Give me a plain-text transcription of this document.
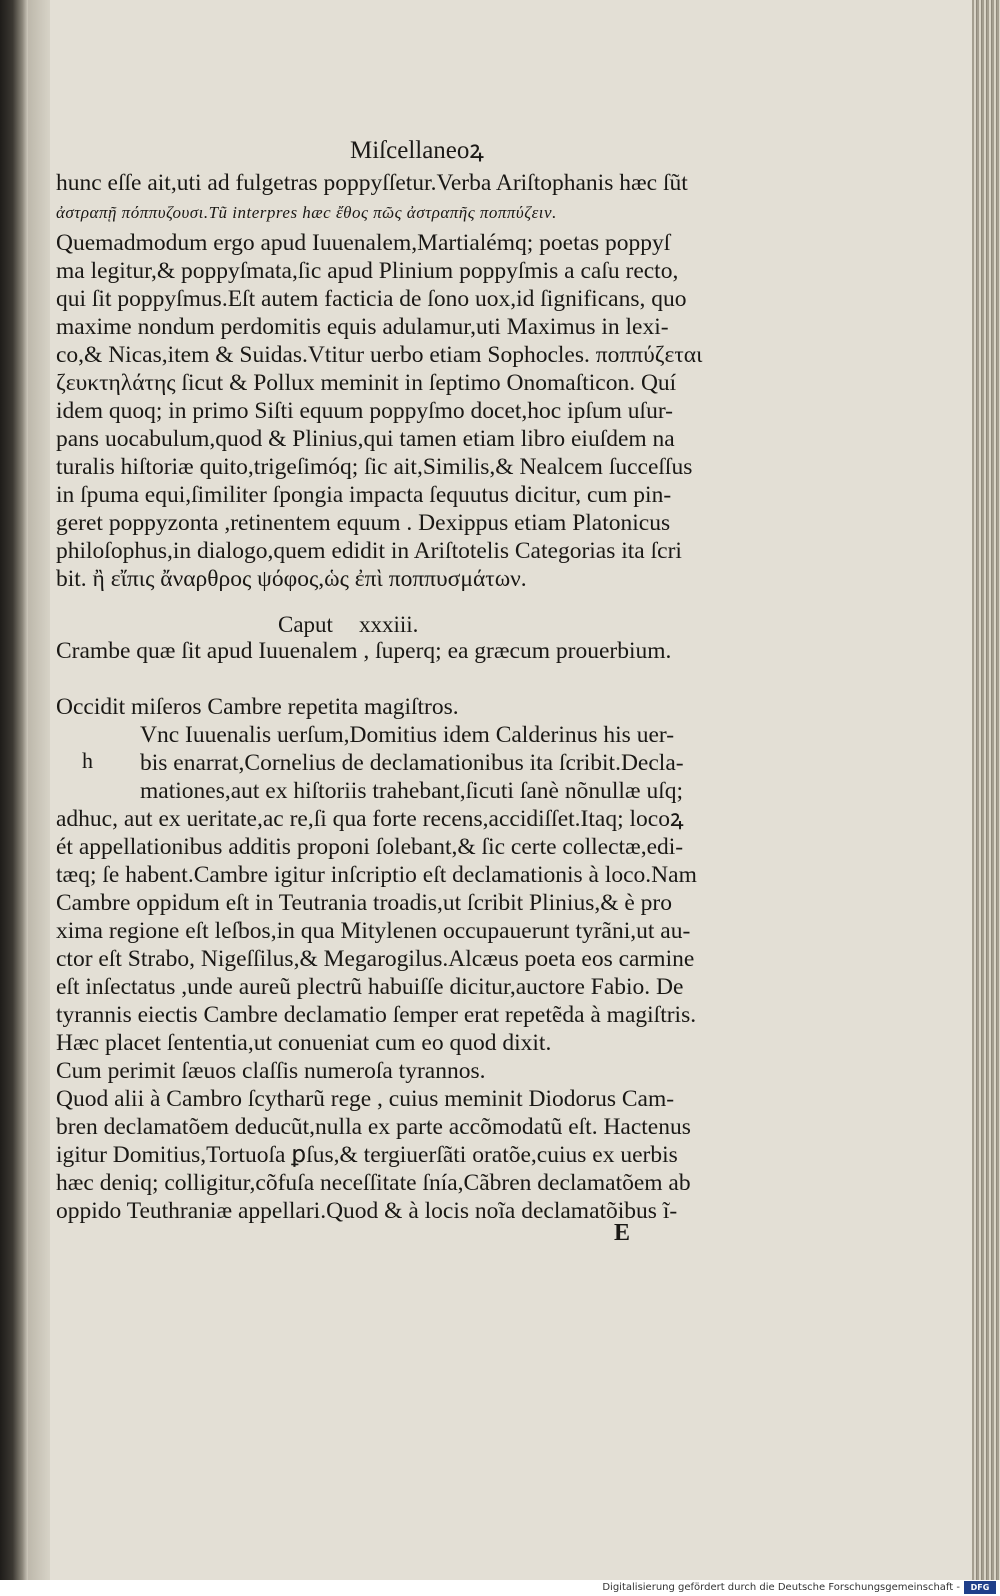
Miſcellaneoꝝ
hunc eſſe ait,uti ad fulgetras poppyſſetur.Verba Ariſtophanis hæc ſũt
ἀστραπῇ πόππυζουσι.Tũ interpres hæc ἔθος πῶς ἀστραπῆς ποππύζειν.
Quemadmodum ergo apud Iuuenalem,Martialémq; poetas poppyſ
ma legitur,& poppyſmata,ſic apud Plinium poppyſmis a caſu recto,
qui ſit poppyſmus.Eſt autem facticia de ſono uox,id ſignificans, quo
maxime nondum perdomitis equis adulamur,uti Maximus in lexi-
co,& Nicas,item & Suidas.Vtitur uerbo etiam Sophocles. ποππύζεται
ζευκτηλάτης ſicut & Pollux meminit in ſeptimo Onomaſticon. Quí
idem quoq; in primo Siſti equum poppyſmo docet,hoc ipſum uſur-
pans uocabulum,quod & Plinius,qui tamen etiam libro eiuſdem na
turalis hiſtoriæ quito,trigeſimóq; ſic ait,Similis,& Nealcem ſucceſſus
in ſpuma equi,ſimiliter ſpongia impacta ſequutus dicitur, cum pin-
geret poppyzonta ,retinentem equum . Dexippus etiam Platonicus
philoſophus,in dialogo,quem edidit in Ariſtotelis Categorias ita ſcri
bit. ἢ εἴπις ἄναρθρος ψόφος,ὡς ἐπὶ ποππυσμάτων.
Caput xxxiii.
Crambe quæ ſit apud Iuuenalem , ſuperq; ea græcum prouerbium.
Occidit miſeros Cambre repetita magiſtros.
h
Vnc Iuuenalis uerſum,Domitius idem Calderinus his uer-
bis enarrat,Cornelius de declamationibus ita ſcribit.Decla-
mationes,aut ex hiſtoriis trahebant,ſicuti ſanè nõnullæ uſq;
adhuc, aut ex ueritate,ac re,ſi qua forte recens,accidiſſet.Itaq; locoꝝ
ét appellationibus additis proponi ſolebant,& ſic certe collectæ,edi-
tæq; ſe habent.Cambre igitur inſcriptio eſt declamationis à loco.Nam
Cambre oppidum eſt in Teutrania troadis,ut ſcribit Plinius,& è pro
xima regione eſt leſbos,in qua Mitylenen occupauerunt tyrãni,ut au-
ctor eſt Strabo, Nigeſſilus,& Megarogilus.Alcæus poeta eos carmine
eſt inſectatus ,unde aureũ plectrũ habuiſſe dicitur,auctore Fabio. De
tyrannis eiectis Cambre declamatio ſemper erat repetẽda à magiſtris.
Hæc placet ſententia,ut conueniat cum eo quod dixit.
Cum perimit ſæuos claſſis numeroſa tyrannos.
Quod alii à Cambro ſcytharũ rege , cuius meminit Diodorus Cam-
bren declamatõem deducũt,nulla ex parte accõmodatũ eſt. Hactenus
igitur Domitius,Tortuoſa ꝑſus,& tergiuerſãti oratõe,cuius ex uerbis
hæc deniq; colligitur,cõfuſa neceſſitate ſnía,Cãbren declamatõem ab
oppido Teuthraniæ appellari.Quod & à locis noĩa declamatõibus ĩ-
E
Digitalisierung gefördert durch die Deutsche Forschungsgemeinschaft -	DFG
